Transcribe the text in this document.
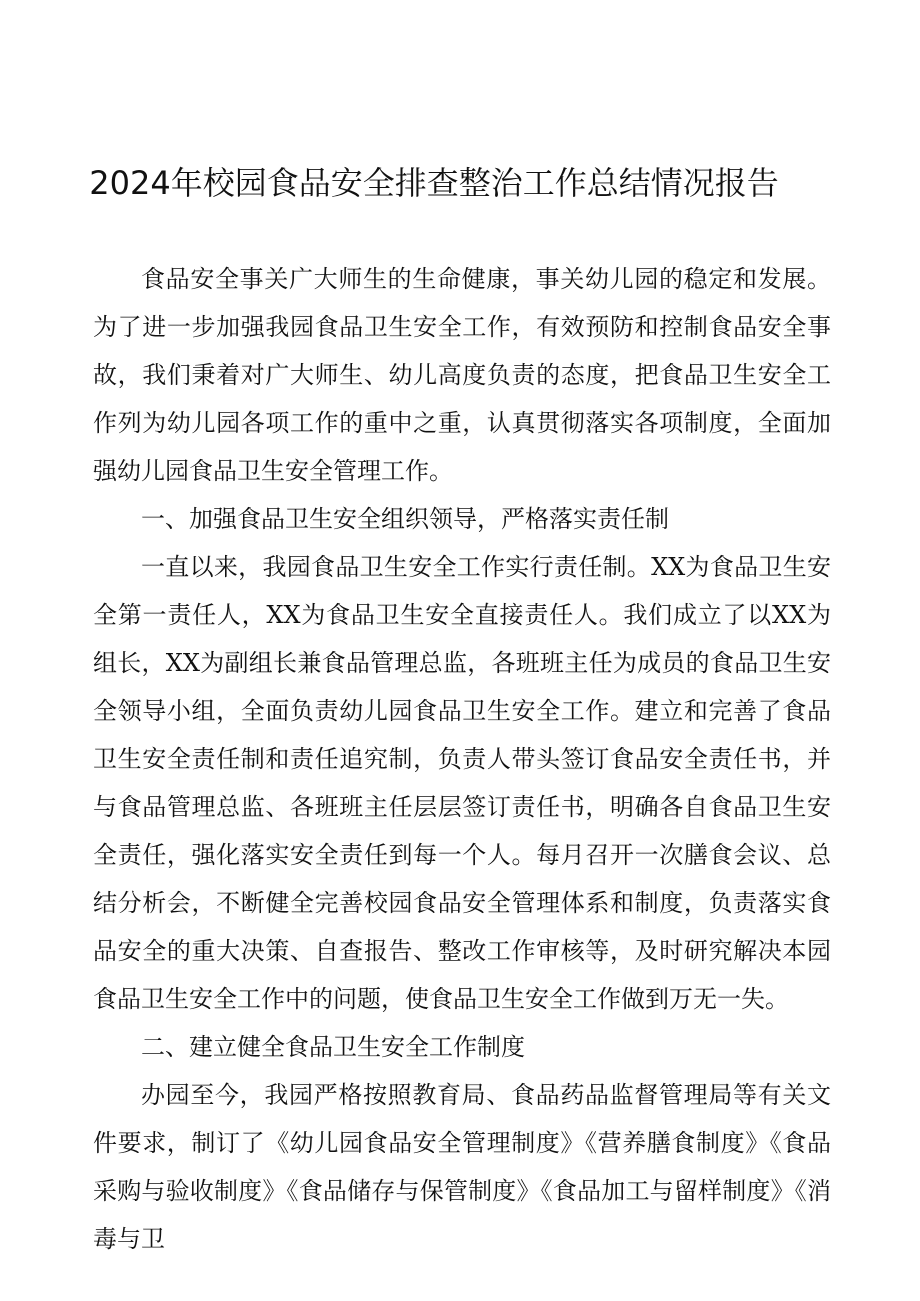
2024年校园食品安全排查整治工作总结情况报告

食品安全事关广大师生的生命健康，事关幼儿园的稳定和发展。为了进一步加强我园食品卫生安全工作，有效预防和控制食品安全事故，我们秉着对广大师生、幼儿高度负责的态度，把食品卫生安全工作列为幼儿园各项工作的重中之重，认真贯彻落实各项制度，全面加强幼儿园食品卫生安全管理工作。

一、加强食品卫生安全组织领导，严格落实责任制

一直以来，我园食品卫生安全工作实行责任制。XX为食品卫生安全第一责任人，XX为食品卫生安全直接责任人。我们成立了以XX为组长，XX为副组长兼食品管理总监，各班班主任为成员的食品卫生安全领导小组，全面负责幼儿园食品卫生安全工作。建立和完善了食品卫生安全责任制和责任追究制，负责人带头签订食品安全责任书，并与食品管理总监、各班班主任层层签订责任书，明确各自食品卫生安全责任，强化落实安全责任到每一个人。每月召开一次膳食会议、总结分析会，不断健全完善校园食品安全管理体系和制度，负责落实食品安全的重大决策、自查报告、整改工作审核等，及时研究解决本园食品卫生安全工作中的问题，使食品卫生安全工作做到万无一失。

二、建立健全食品卫生安全工作制度

办园至今，我园严格按照教育局、食品药品监督管理局等有关文件要求，制订了《幼儿园食品安全管理制度》《营养膳食制度》《食品采购与验收制度》《食品储存与保管制度》《食品加工与留样制度》《消毒与卫
